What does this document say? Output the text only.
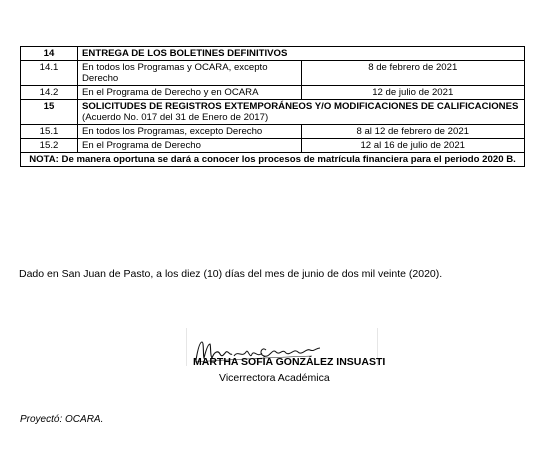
14	ENTREGA DE LOS BOLETINES DEFINITIVOS	
14.1	En todos los Programas y OCARA, excepto Derecho	8 de febrero de 2021
14.2	En el Programa de Derecho y en OCARA	12 de julio de 2021
15	SOLICITUDES DE REGISTROS EXTEMPORÁNEOS Y/O MODIFICACIONES DE CALIFICACIONES
(Acuerdo No. 017 del 31 de Enero de 2017)	

15.1	En todos los Programas, excepto Derecho	8 al 12 de febrero de 2021
15.2	En el Programa de Derecho	12 al 16 de julio de 2021
NOTA: De manera oportuna se dará a conocer los procesos de matrícula financiera para el periodo 2020 B.		
Dado en San Juan de Pasto, a los diez (10) días del mes de junio de dos mil veinte (2020).
MARTHA SOFÍA GONZÁLEZ INSUASTI
Vicerrectora Académica
Proyectó: OCARA.
